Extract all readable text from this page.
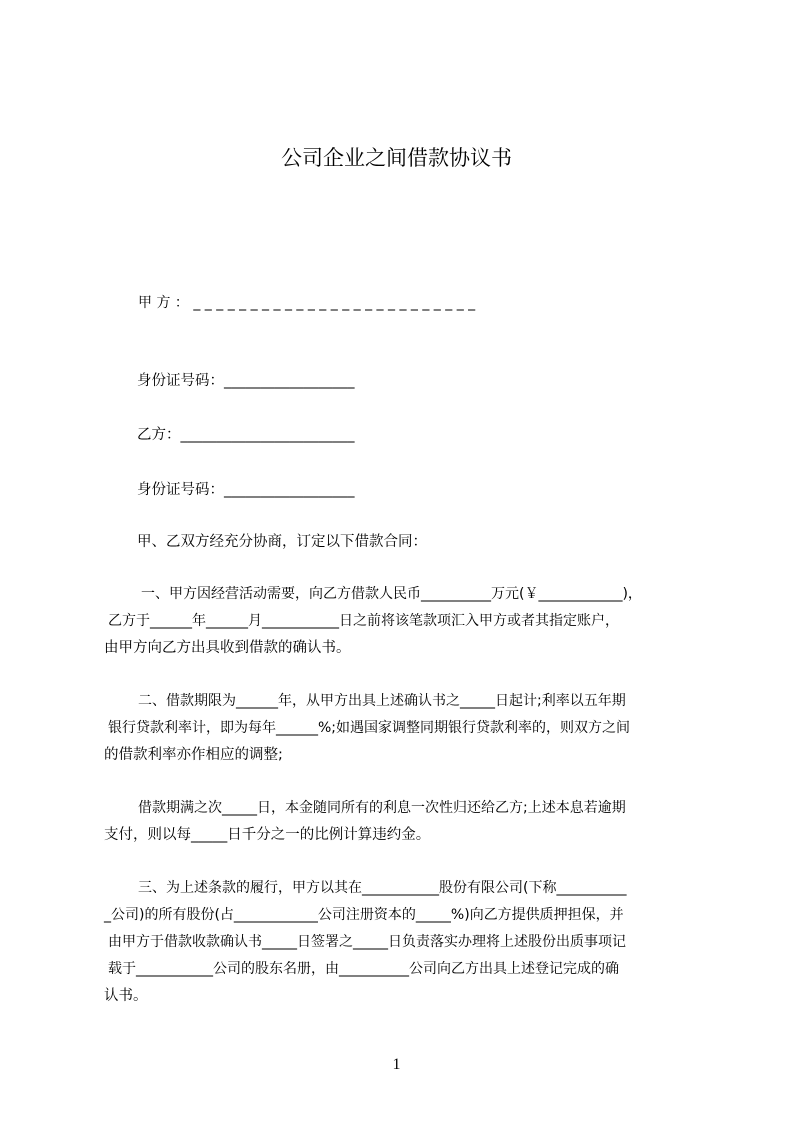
公司企业之间借款协议书
甲 方 ： _ _ _ _ _ _ _ _ _ _ _ _ _ _ _ _ _ _ _ _ _ _ _ _ _
身份证号码：__________________
乙方：________________________
身份证号码：__________________
甲、乙双方经充分协商，订定以下借款合同：
一、甲方因经营活动需要，向乙方借款人民币__________万元(￥____________)，
乙方于______年______月___________日之前将该笔款项汇入甲方或者其指定账户，
由甲方向乙方出具收到借款的确认书。
二、借款期限为______年，从甲方出具上述确认书之_____日起计;利率以五年期
银行贷款利率计，即为每年______%;如遇国家调整同期银行贷款利率的，则双方之间
的借款利率亦作相应的调整;
借款期满之次_____日，本金随同所有的利息一次性归还给乙方;上述本息若逾期
支付，则以每_____日千分之一的比例计算违约金。
三、为上述条款的履行，甲方以其在___________股份有限公司(下称__________
_公司)的所有股份(占____________公司注册资本的_____%)向乙方提供质押担保，并
由甲方于借款收款确认书_____日签署之_____日负责落实办理将上述股份出质事项记
载于___________公司的股东名册，由__________公司向乙方出具上述登记完成的确
认书。
1
